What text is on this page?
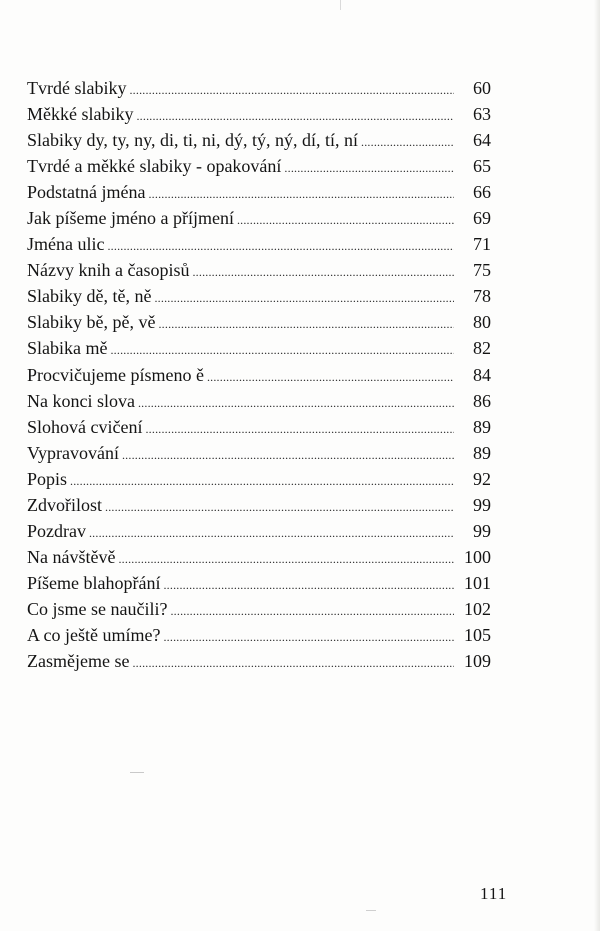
Tvrdé slabiky .....	60
Měkké slabiky .....	63
Slabiky dy, ty, ny, di, ti, ni, dý, tý, ný, dí, tí, ní .....	64
Tvrdé a měkké slabiky - opakování .....	65
Podstatná jména .....	66
Jak píšeme jméno a příjmení .....	69
Jména ulic .....	71
Názvy knih a časopisů .....	75
Slabiky dě, tě, ně .....	78
Slabiky bě, pě, vě .....	80
Slabika mě .....	82
Procvičujeme písmeno ě .....	84
Na konci slova .....	86
Slohová cvičení .....	89
Vypravování .....	89
Popis .....	92
Zdvořilost .....	99
Pozdrav .....	99
Na návštěvě .....	100
Píšeme blahopřání .....	101
Co jsme se naučili? .....	102
A co ještě umíme? .....	105
Zasmějeme se .....	109
111
